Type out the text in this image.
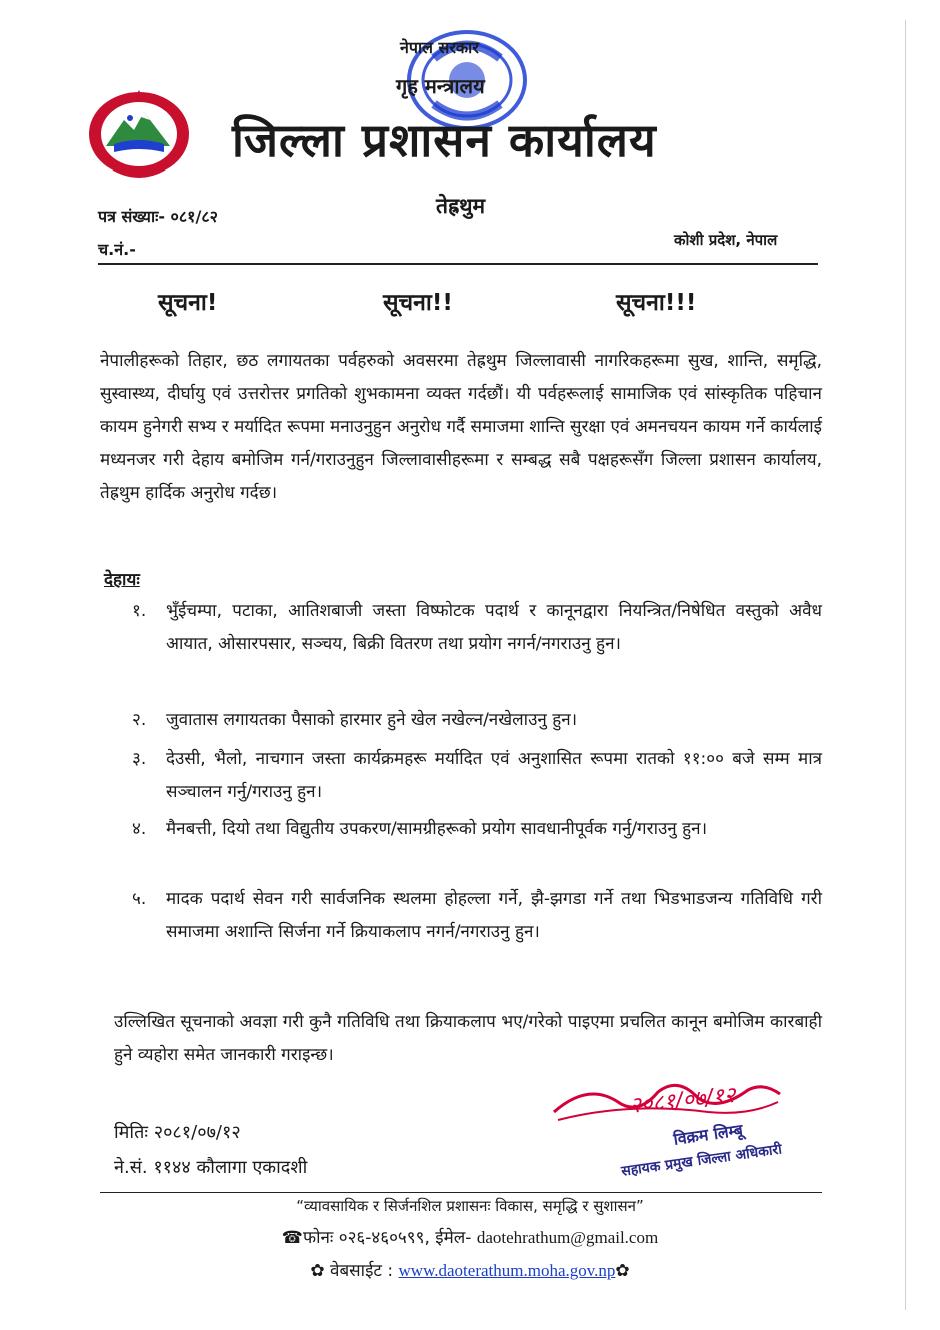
नेपाल सरकार
गृह मन्त्रालय
जिल्ला प्रशासन कार्यालय
तेह्रथुम
पत्र संख्याः- ०८१/८२
च.नं.-	कोशी प्रदेश, नेपाल
सूचना!	सूचना!!	सूचना!!!
नेपालीहरूको तिहार, छठ लगायतका पर्वहरुको अवसरमा तेह्रथुम जिल्लावासी नागरिकहरूमा सुख, शान्ति, समृद्धि, सुस्वास्थ्य, दीर्घायु एवं उत्तरोत्तर प्रगतिको शुभकामना व्यक्त गर्दछौं। यी पर्वहरूलाई सामाजिक एवं सांस्कृतिक पहिचान कायम हुनेगरी सभ्य र मर्यादित रूपमा मनाउनुहुन अनुरोध गर्दै समाजमा शान्ति सुरक्षा एवं अमनचयन कायम गर्ने कार्यलाई मध्यनजर गरी देहाय बमोजिम गर्न/गराउनुहुन जिल्लावासीहरूमा र सम्बद्ध सबै पक्षहरूसँग जिल्ला प्रशासन कार्यालय, तेह्रथुम हार्दिक अनुरोध गर्दछ।
देहायः
१.	भुँईचम्पा, पटाका, आतिशबाजी जस्ता विष्फोटक पदार्थ र कानूनद्वारा नियन्त्रित/निषेधित वस्तुको अवैध आयात, ओसारपसार, सञ्चय, बिक्री वितरण तथा प्रयोग नगर्न/नगराउनु हुन।
२.	जुवातास लगायतका पैसाको हारमार हुने खेल नखेल्न/नखेलाउनु हुन।
३.	देउसी, भैलो, नाचगान जस्ता कार्यक्रमहरू मर्यादित एवं अनुशासित रूपमा रातको ११:०० बजे सम्म मात्र सञ्चालन गर्नु/गराउनु हुन।
४.	मैनबत्ती, दियो तथा विद्युतीय उपकरण/सामग्रीहरूको प्रयोग सावधानीपूर्वक गर्नु/गराउनु हुन।
५.	मादक पदार्थ सेवन गरी सार्वजनिक स्थलमा होहल्ला गर्ने, झै-झगडा गर्ने तथा भिडभाडजन्य गतिविधि गरी समाजमा अशान्ति सिर्जना गर्ने क्रियाकलाप नगर्न/नगराउनु हुन।
उल्लिखित सूचनाको अवज्ञा गरी कुनै गतिविधि तथा क्रियाकलाप भए/गरेको पाइएमा प्रचलित कानून बमोजिम कारबाही हुने व्यहोरा समेत जानकारी गराइन्छ।
२०८१/०७/१२
विक्रम लिम्बू
सहायक प्रमुख जिल्ला अधिकारी
मितिः २०८१/०७/१२
ने.सं. ११४४ कौलागा एकादशी
“व्यावसायिक र सिर्जनशिल प्रशासनः विकास, समृद्धि र सुशासन”
☎फोनः ०२६-४६०५९९, ईमेल- daotehrathum@gmail.com
✿ वेबसाईट : www.daoterathum.moha.gov.np✿
